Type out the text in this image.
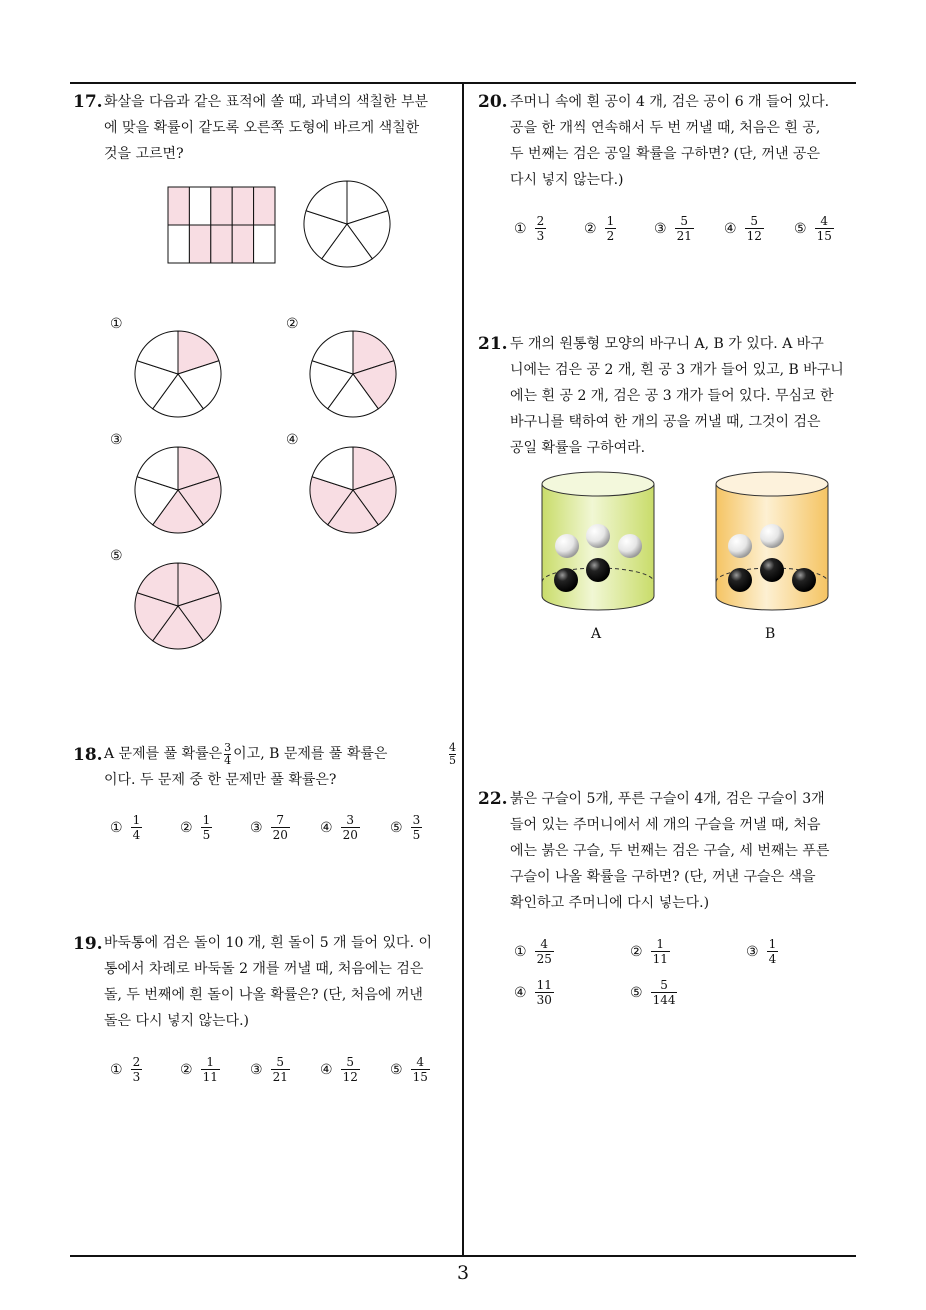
3
17. 화살을 다음과 같은 표적에 쏠 때, 과녁의 색칠한 부분

에 맞을 확률이 같도록 오른쪽 도형에 바르게 색칠한

것을 고르면?

①	②
③	④
⑤
18. A 문제를 풀 확률은 $\frac{3}{4}$ 이고, B 문제를 풀 확률은	$\frac{4}{5}$

이다. 두 문제 중 한 문제만 풀 확률은?

① $\frac{1}{4}$	② $\frac{1}{5}$	③ $\frac{7}{20}$ ④ $\frac{3}{20}$ ⑤ $\frac{3}{5}$
19. 바둑통에 검은 돌이 10 개, 흰 돌이 5 개 들어 있다. 이

통에서 차례로 바둑돌 2 개를 꺼낼 때, 처음에는 검은

돌, 두 번째에 흰 돌이 나올 확률은? (단, 처음에 꺼낸

돌은 다시 넣지 않는다.)

① $\frac{2}{3}$	② $\frac{1}{11}$ ③ $\frac{5}{21}$ ④ $\frac{5}{12}$ ⑤ $\frac{4}{15}$
20. 주머니 속에 흰 공이 4 개, 검은 공이 6 개 들어 있다.

공을 한 개씩 연속해서 두 번 꺼낼 때, 처음은 흰 공,

두 번째는 검은 공일 확률을 구하면? (단, 꺼낸 공은

다시 넣지 않는다.)

① $\frac{2}{3}$	② $\frac{1}{2}$	③ $\frac{5}{21}$ ④ $\frac{5}{12}$ ⑤ $\frac{4}{15}$
21. 두 개의 원통형 모양의 바구니 A, B 가 있다. A 바구

니에는 검은 공 2 개, 흰 공 3 개가 들어 있고, B 바구니

에는 흰 공 2 개, 검은 공 3 개가 들어 있다. 무심코 한

바구니를 택하여 한 개의 공을 꺼낼 때, 그것이 검은

공일 확률을 구하여라.

A	B
22. 붉은 구슬이 5개, 푸른 구슬이 4개, 검은 구슬이 3개

들어 있는 주머니에서 세 개의 구슬을 꺼낼 때, 처음

에는 붉은 구슬, 두 번째는 검은 구슬, 세 번째는 푸른

구슬이 나올 확률을 구하면? (단, 꺼낸 구슬은 색을

확인하고 주머니에 다시 넣는다.)

① $\frac{4}{25}$	② $\frac{1}{11}$	③ $\frac{1}{4}$
④ $\frac{11}{30}$	⑤ $\frac{5}{144}$
